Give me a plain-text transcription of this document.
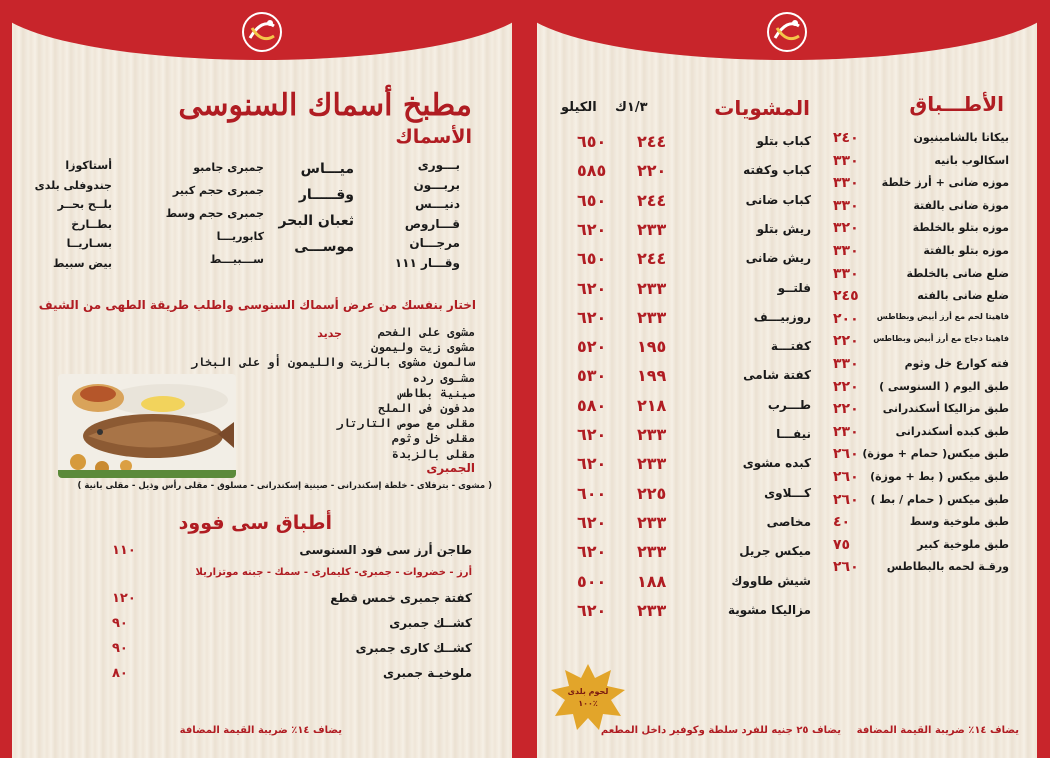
مطبخ أسماك السنوسى
الأسماك
بـــورى
بربـــون
دنيـــس
قـــاروص
مرجـــان
وقـــار ١١١
ميـــاس
وقـــــار
ثعبان البحر
موســـى
جمبرى جامبو
جمبرى حجم كبير
جمبرى حجم وسط
كابوريـــا
ســـبيـــط
أستاكوزا
جندوفلى بلدى
بلــح بحــر
بطــارخ
بسـاريــا
بيض سبيط
اختار بنفسك من عرض أسماك السنوسى واطلب طريقة الطهى من الشيف
جديد	مشوى على الفحم
مشوى زيت وليمون
سالمون مشوى بالزيت والليمون أو على البخار
مشـوى رده
صينية بطاطس
مدفون فى الملح
مقلى مع صوص التارتار
مقلى خل وثوم
مقلى بالزبدة
الجمبرى
( مشوى - بترفلاى - خلطة إسكندرانى - صينية إسكندرانى - مسلوق - مقلى رأس وذيل - مقلى بانية )
أطباق سى فوود
طاجن أرز سى فود السنوسى
١١٠
كفتة جمبرى خمس قطع
١٢٠
كشــك جمبرى
٩٠
كشــك كارى جمبرى
٩٠
ملوخيـة جمبرى
٨٠
أرز - خضروات - جمبرى- كليمارى - سمك - جبنه موتزاريلا
يضاف ١٤٪ ضريبة القيمة المضافة
الأطـــباق
المشويات
١/٣ك
الكيلو
كباب بتلو
٢٤٤
٦٥٠
كباب وكفته
٢٢٠
٥٨٥
كباب ضانى
٢٤٤
٦٥٠
ريش بتلو
٢٣٣
٦٢٠
ريش ضانى
٢٤٤
٦٥٠
فلتــو
٢٣٣
٦٢٠
روزبيـــف
٢٣٣
٦٢٠
كفتـــة
١٩٥
٥٢٠
كفتة شامى
١٩٩
٥٣٠
طـــرب
٢١٨
٥٨٠
نيفـــا
٢٣٣
٦٢٠
كبده مشوى
٢٣٣
٦٢٠
كـــلاوى
٢٢٥
٦٠٠
مخاصى
٢٣٣
٦٢٠
ميكس جريل
٢٣٣
٦٢٠
شيش طاووك
١٨٨
٥٠٠
مزاليكا مشوية
٢٣٣
٦٢٠
بيكاتا بالشامبنيون
٢٤٠
اسكالوب بانيه
٣٣٠
موزه ضانى + أرز خلطة
٣٣٠
موزة ضانى بالفتة
٣٣٠
موزه بتلو بالخلطة
٣٢٠
موزه بتلو بالفتة
٣٣٠
ضلع ضانى بالخلطة
٣٣٠
ضلع ضانى بالفته
٢٤٥
فاهيتا لحم مع أرز أبيض وبطاطس
٢٠٠
فاهيتا دجاج مع أرز أبيض وبطاطس
٢٢٠
فته كوارع خل وثوم
٣٣٠
طبق اليوم ( السنوسى )
٢٢٠
طبق مزاليكا أسكندرانى
٢٢٠
طبق كبده أسكندرانى
٢٣٠
طبق ميكس( حمام + موزة)
٢٦٠
طبق ميكس ( بط + موزة)
٢٦٠
طبق ميكس ( حمام / بط )
٢٦٠
طبق ملوخية وسط
٤٠
طبق ملوخية كبير
٧٥
ورقـة لحمه بالبطاطس
٢٦٠
لحوم بلدى
١٠٠٪
يضاف ٢٥ جنيه للفرد سلطة وكوفير داخل المطعم يضاف ١٤٪ ضريبة القيمة المضافة
